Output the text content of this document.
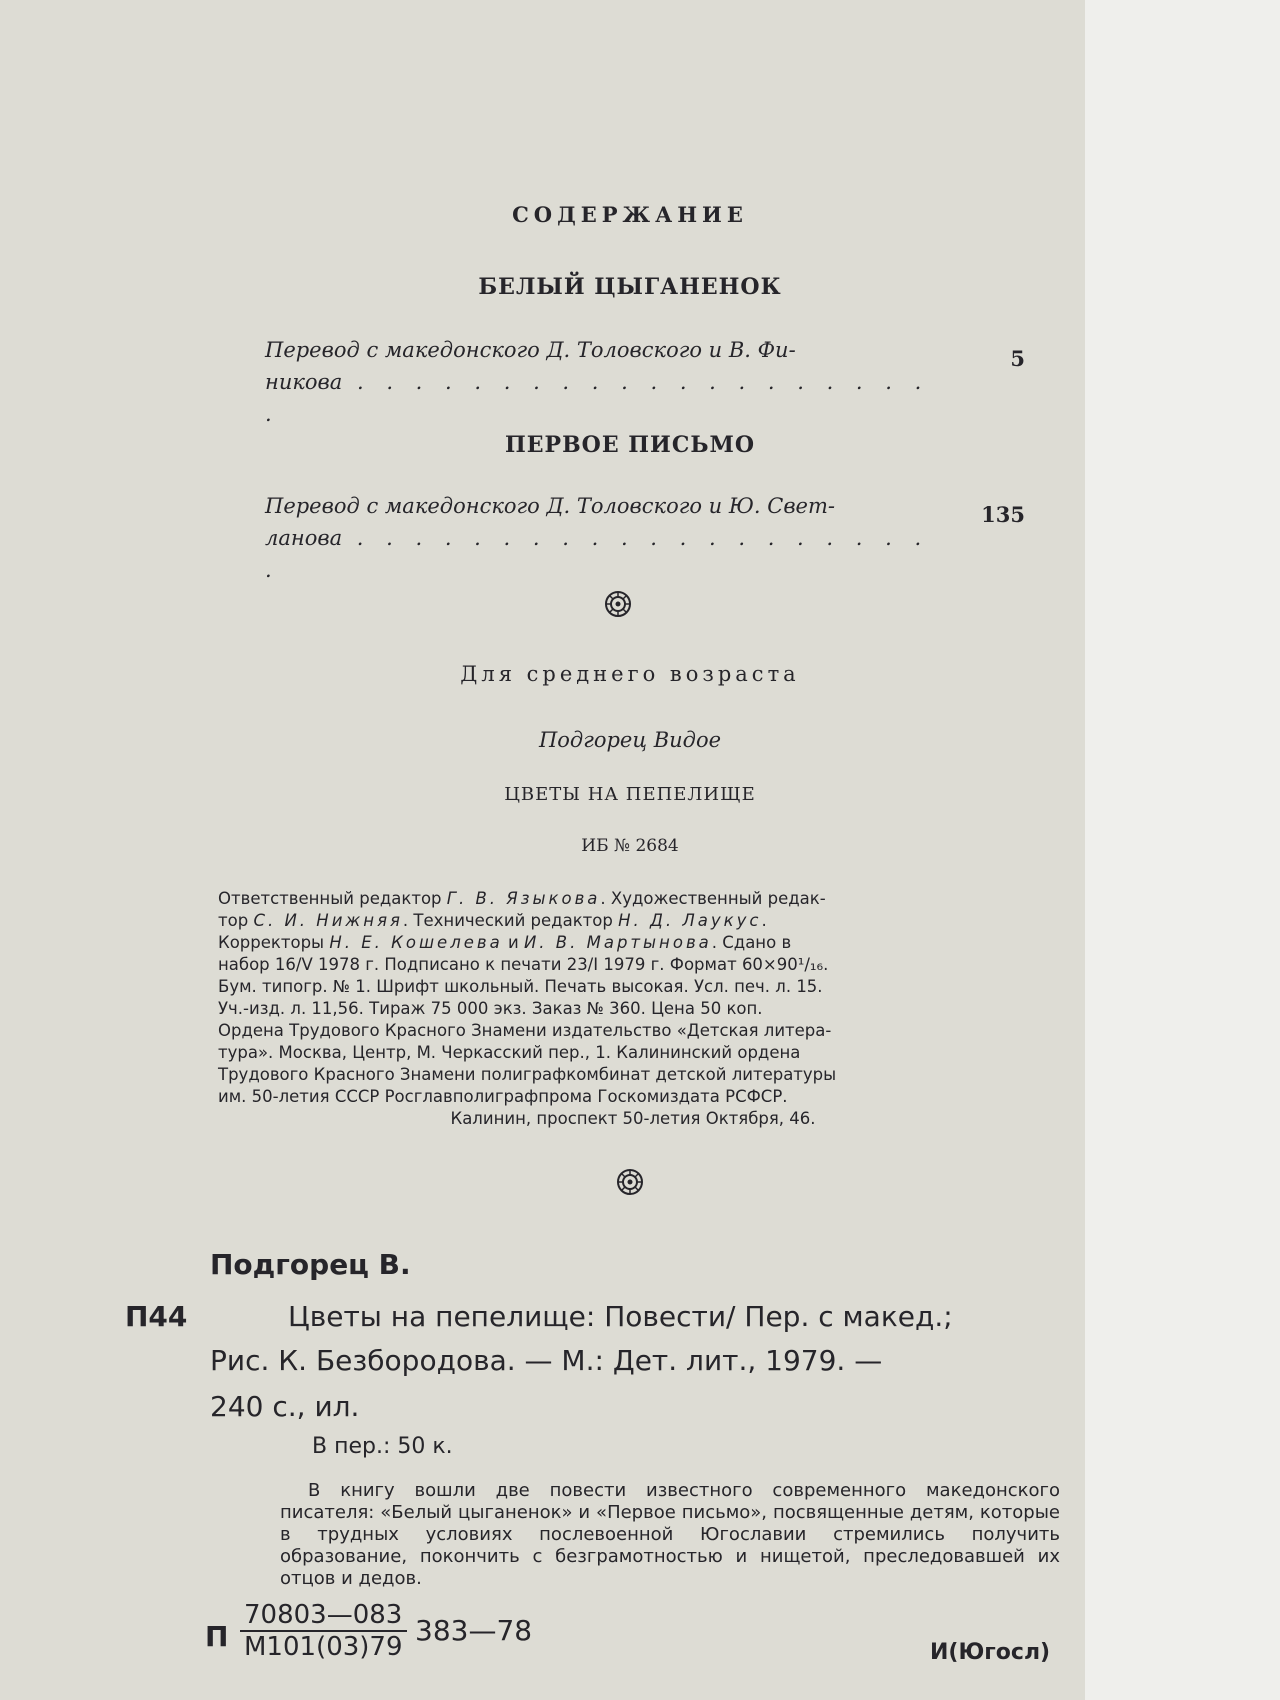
СОДЕРЖАНИЕ
БЕЛЫЙ ЦЫГАНЕНОК
Перевод с македонского Д. Толовского и В. Фи-
никова . . . . . . . . . . . . . . . . . . . . .
5
ПЕРВОЕ ПИСЬМО
Перевод с македонского Д. Толовского и Ю. Свет-
ланова . . . . . . . . . . . . . . . . . . . . .
135
Для среднего возраста
Подгорец Видое
ЦВЕТЫ НА ПЕПЕЛИЩЕ
ИБ № 2684

Ответственный редактор Г. В. Языкова. Художественный редак-

тор С. И. Нижняя. Технический редактор Н. Д. Лаукус.

Корректоры Н. Е. Кошелева и И. В. Мартынова. Сдано в

набор 16/V 1978 г. Подписано к печати 23/I 1979 г. Формат 60×90¹/₁₆.

Бум. типогр. № 1. Шрифт школьный. Печать высокая. Усл. печ. л. 15.

Уч.-изд. л. 11,56. Тираж 75 000 экз. Заказ № 360. Цена 50 коп.

Ордена Трудового Красного Знамени издательство «Детская литера-

тура». Москва, Центр, М. Черкасский пер., 1. Калининский ордена

Трудового Красного Знамени полиграфкомбинат детской литературы

им. 50-летия СССР Росглавполиграфпрома Госкомиздата РСФСР.

Калинин, проспект 50-летия Октября, 46.

Подгорец В.
П44	Цветы на пепелище: Повести/ Пер. с макед.;
Рис. К. Безбородова. — М.: Дет. лит., 1979. —
240 с., ил.
В пер.: 50 к.
В книгу вошли две повести известного современного македонского писателя: «Белый цыганенок» и «Первое письмо», посвященные детям, которые в трудных условиях послевоенной Югославии стремились получить образование, покончить с безграмотностью и нищетой, преследовавшей их отцов и дедов.
П
70803—083
М101(03)79 383—78
И(Югосл)
